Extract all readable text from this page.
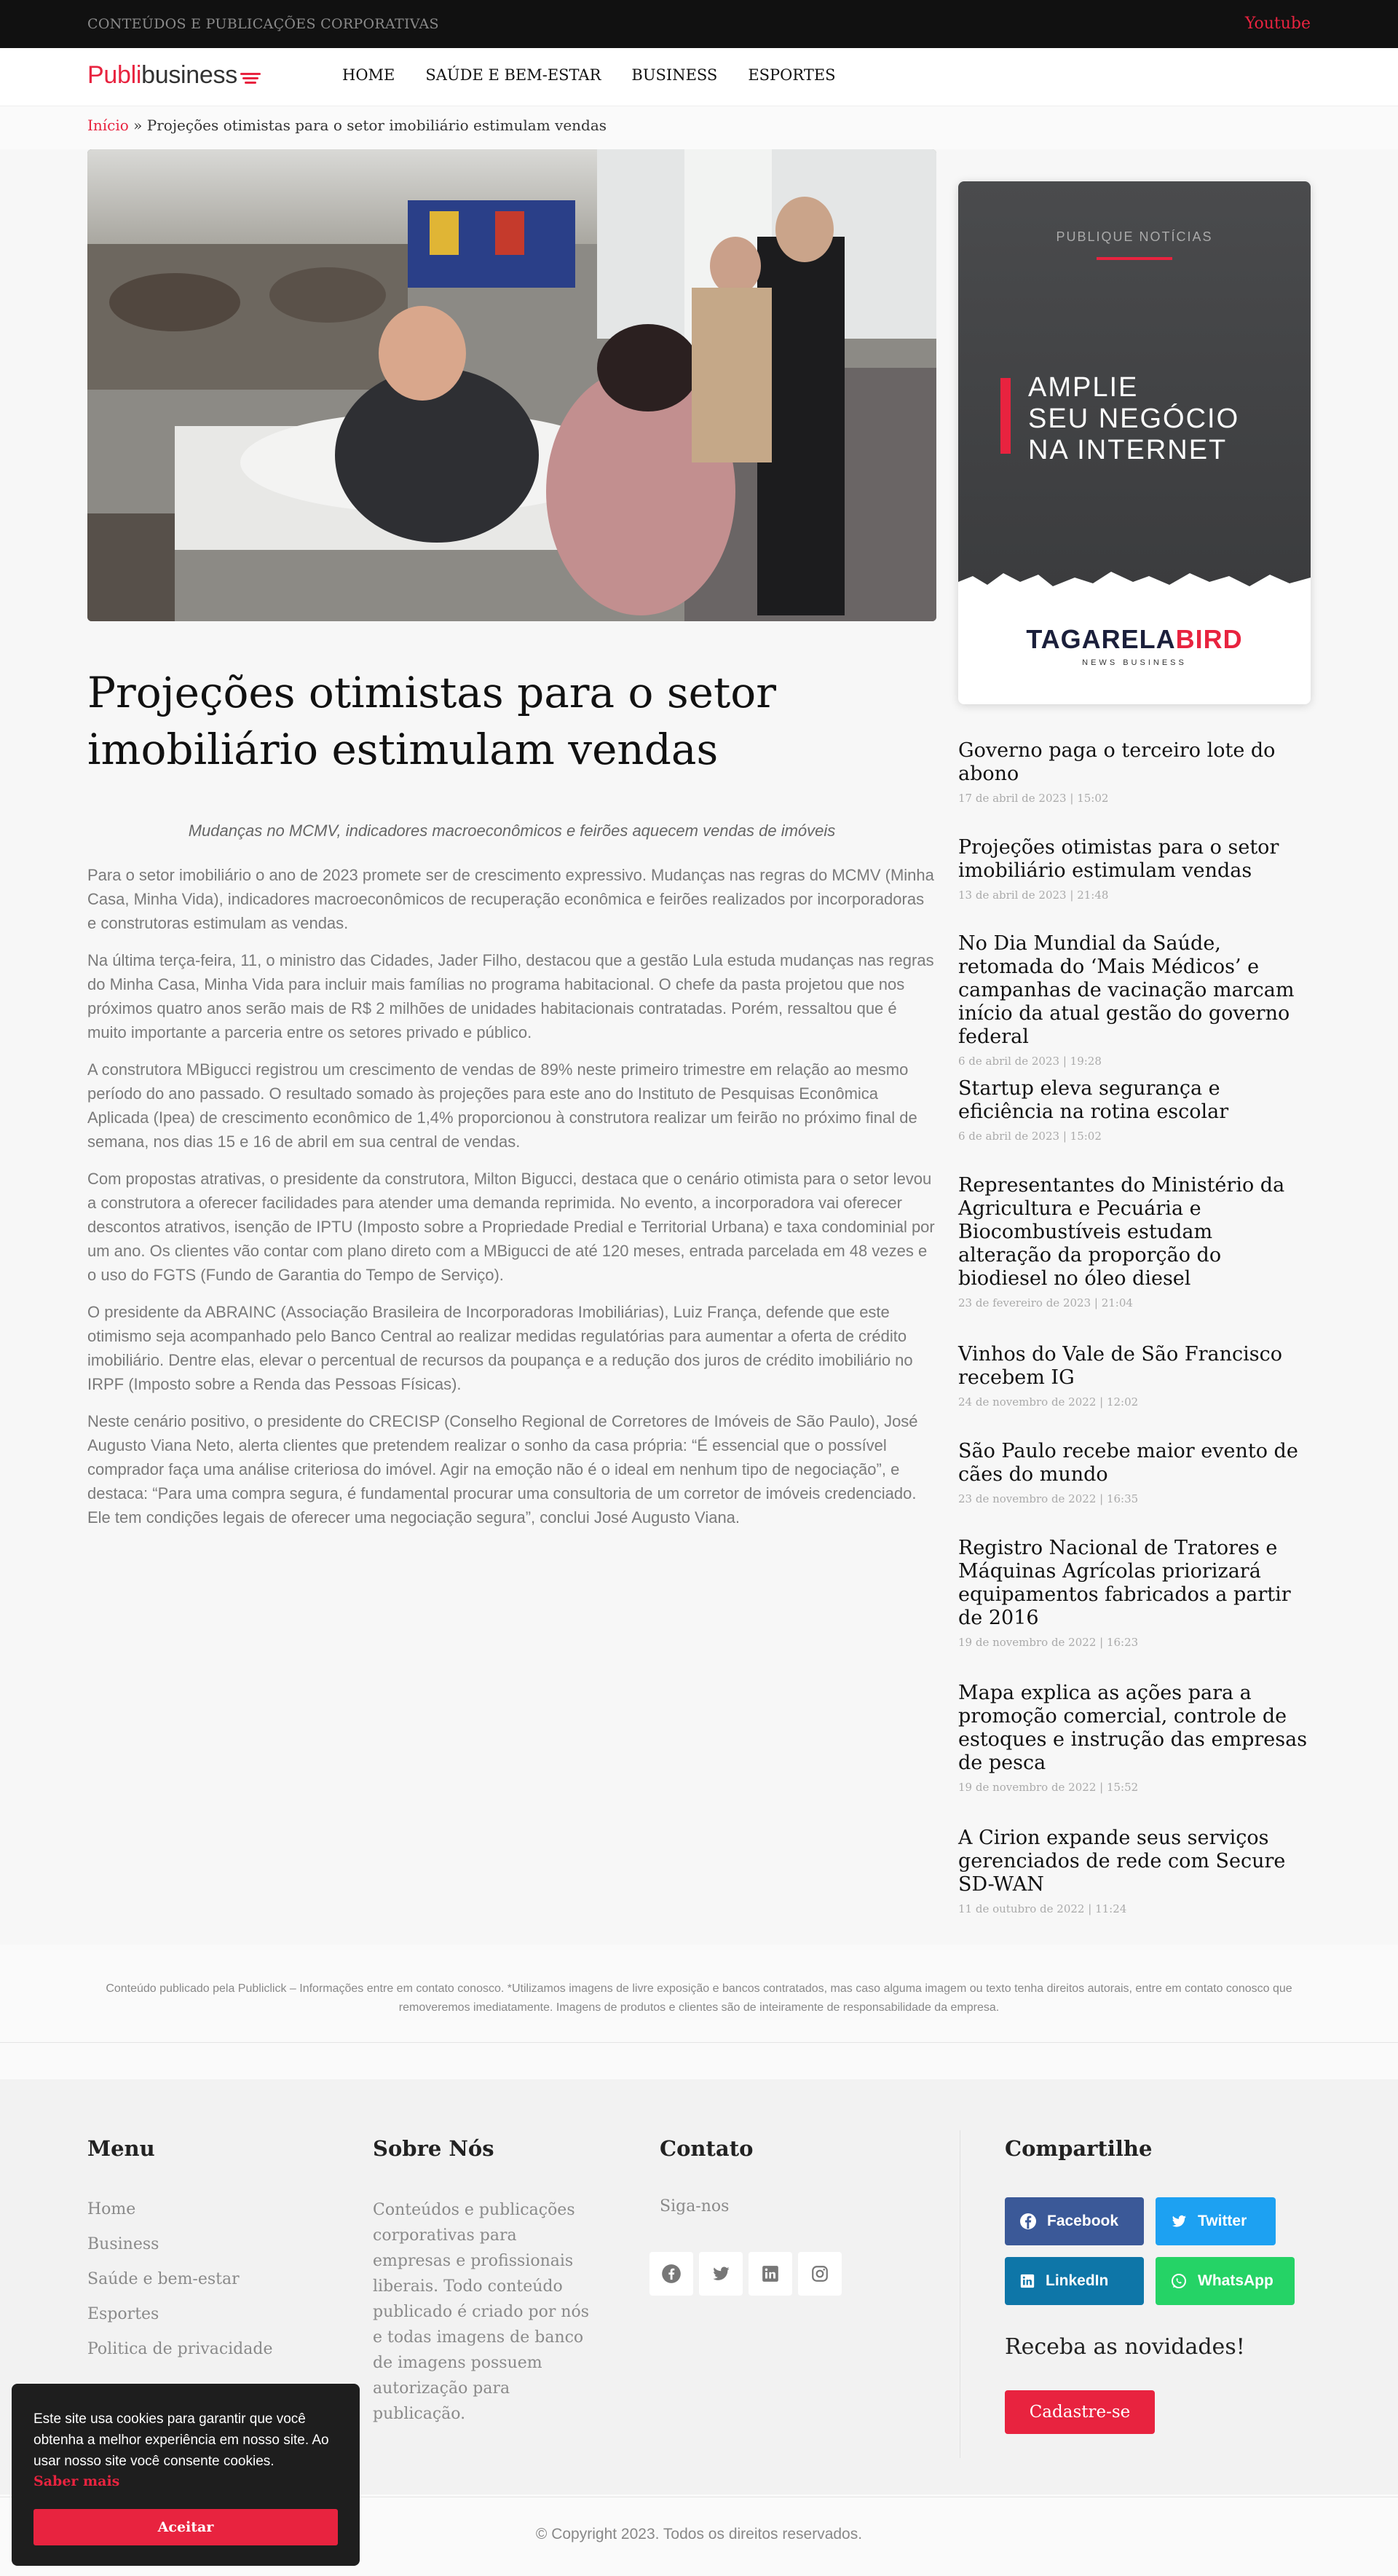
CONTEÚDOS E PUBLICAÇÕES CORPORATIVAS	Youtube
Publibusiness	HOME SAÚDE E BEM-ESTAR BUSINESS ESPORTES
Início » Projeções otimistas para o setor imobiliário estimulam vendas
Projeções otimistas para o setor imobiliário estimulam vendas
Mudanças no MCMV, indicadores macroeconômicos e feirões aquecem vendas de imóveis

Para o setor imobiliário o ano de 2023 promete ser de crescimento expressivo. Mudanças nas regras do MCMV (Minha Casa, Minha Vida), indicadores macroeconômicos de recuperação econômica e feirões realizados por incorporadoras e construtoras estimulam as vendas.

Na última terça-feira, 11, o ministro das Cidades, Jader Filho, destacou que a gestão Lula estuda mudanças nas regras do Minha Casa, Minha Vida para incluir mais famílias no programa habitacional. O chefe da pasta projetou que nos próximos quatro anos serão mais de R$ 2 milhões de unidades habitacionais contratadas. Porém, ressaltou que é muito importante a parceria entre os setores privado e público.

A construtora MBigucci registrou um crescimento de vendas de 89% neste primeiro trimestre em relação ao mesmo período do ano passado. O resultado somado às projeções para este ano do Instituto de Pesquisas Econômica Aplicada (Ipea) de crescimento econômico de 1,4% proporcionou à construtora realizar um feirão no próximo final de semana, nos dias 15 e 16 de abril em sua central de vendas.

Com propostas atrativas, o presidente da construtora, Milton Bigucci, destaca que o cenário otimista para o setor levou a construtora a oferecer facilidades para atender uma demanda reprimida. No evento, a incorporadora vai oferecer descontos atrativos, isenção de IPTU (Imposto sobre a Propriedade Predial e Territorial Urbana) e taxa condominial por um ano. Os clientes vão contar com plano direto com a MBigucci de até 120 meses, entrada parcelada em 48 vezes e o uso do FGTS (Fundo de Garantia do Tempo de Serviço).

O presidente da ABRAINC (Associação Brasileira de Incorporadoras Imobiliárias), Luiz França, defende que este otimismo seja acompanhado pelo Banco Central ao realizar medidas regulatórias para aumentar a oferta de crédito imobiliário. Dentre elas, elevar o percentual de recursos da poupança e a redução dos juros de crédito imobiliário no IRPF (Imposto sobre a Renda das Pessoas Físicas).

Neste cenário positivo, o presidente do CRECISP (Conselho Regional de Corretores de Imóveis de São Paulo), José Augusto Viana Neto, alerta clientes que pretendem realizar o sonho da casa própria: “É essencial que o possível comprador faça uma análise criteriosa do imóvel. Agir na emoção não é o ideal em nenhum tipo de negociação”, e destaca: “Para uma compra segura, é fundamental procurar uma consultoria de um corretor de imóveis credenciado. Ele tem condições legais de oferecer uma negociação segura”, conclui José Augusto Viana.

PUBLIQUE NOTÍCIAS
AMPLIE
SEU NEGÓCIO
NA INTERNET
TAGARELABIRD
NEWS BUSINESS
Governo paga o terceiro lote do abono
17 de abril de 2023 | 15:02
Projeções otimistas para o setor imobiliário estimulam vendas
13 de abril de 2023 | 21:48
No Dia Mundial da Saúde, retomada do ‘Mais Médicos’ e campanhas de vacinação marcam início da atual gestão do governo federal
6 de abril de 2023 | 19:28
Startup eleva segurança e eficiência na rotina escolar
6 de abril de 2023 | 15:02
Representantes do Ministério da Agricultura e Pecuária e Biocombustíveis estudam alteração da proporção do biodiesel no óleo diesel
23 de fevereiro de 2023 | 21:04
Vinhos do Vale de São Francisco recebem IG
24 de novembro de 2022 | 12:02
São Paulo recebe maior evento de cães do mundo
23 de novembro de 2022 | 16:35
Registro Nacional de Tratores e Máquinas Agrícolas priorizará equipamentos fabricados a partir de 2016
19 de novembro de 2022 | 16:23
Mapa explica as ações para a promoção comercial, controle de estoques e instrução das empresas de pesca
19 de novembro de 2022 | 15:52
A Cirion expande seus serviços gerenciados de rede com Secure SD-WAN
11 de outubro de 2022 | 11:24
Conteúdo publicado pela Publiclick – Informações entre em contato conosco. *Utilizamos imagens de livre exposição e bancos contratados, mas caso alguma imagem ou texto tenha direitos autorais, entre em contato conosco que removeremos imediatamente. Imagens de produtos e clientes são de inteiramente de responsabilidade da empresa.
Menu
Home
Business
Saúde e bem-estar
Esportes
Politica de privacidade
Sobre Nós
Conteúdos e publicações corporativas para empresas e profissionais liberais. Todo conteúdo publicado é criado por nós e todas imagens de banco de imagens possuem autorização para publicação.
Contato
Siga-nos
Compartilhe
Facebook	Twitter
LinkedIn	WhatsApp
Receba as novidades!
Cadastre-se
© Copyright 2023. Todos os direitos reservados.
Este site usa cookies para garantir que você obtenha a melhor experiência em nosso site. Ao usar nosso site você consente cookies.
Saber mais
Aceitar
